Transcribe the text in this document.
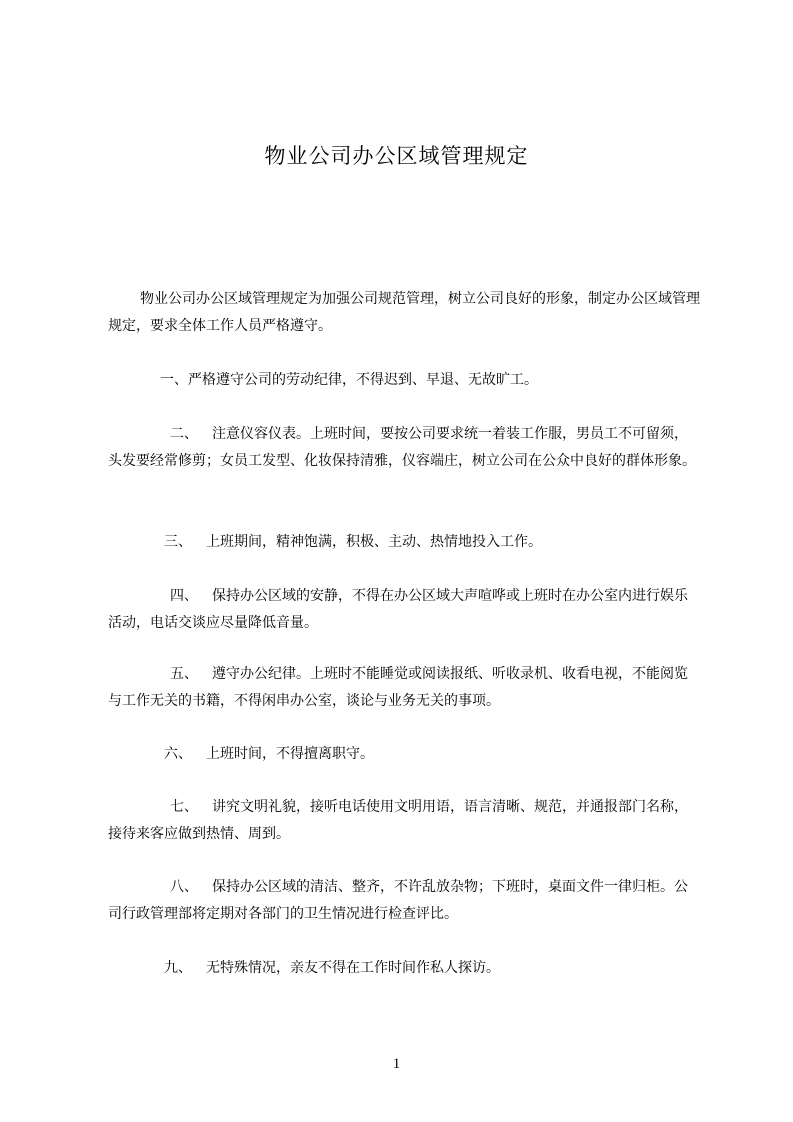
物业公司办公区域管理规定

物业公司办公区域管理规定为加强公司规范管理，树立公司良好的形象，制定办公区域管理规定，要求全体工作人员严格遵守。

一、严格遵守公司的劳动纪律，不得迟到、早退、无故旷工。

二、 注意仪容仪表。上班时间，要按公司要求统一着装工作服，男员工不可留须，头发要经常修剪；女员工发型、化妆保持清雅，仪容端庄，树立公司在公众中良好的群体形象。

三、 上班期间，精神饱满，积极、主动、热情地投入工作。

四、 保持办公区域的安静，不得在办公区域大声喧哗或上班时在办公室内进行娱乐活动，电话交谈应尽量降低音量。

五、 遵守办公纪律。上班时不能睡觉或阅读报纸、听收录机、收看电视，不能阅览与工作无关的书籍，不得闲串办公室，谈论与业务无关的事项。

六、 上班时间，不得擅离职守。

七、 讲究文明礼貌，接听电话使用文明用语，语言清晰、规范，并通报部门名称，接待来客应做到热情、周到。

八、 保持办公区域的清洁、整齐，不许乱放杂物；下班时，桌面文件一律归柜。公司行政管理部将定期对各部门的卫生情况进行检查评比。

九、 无特殊情况，亲友不得在工作时间作私人探访。

1
